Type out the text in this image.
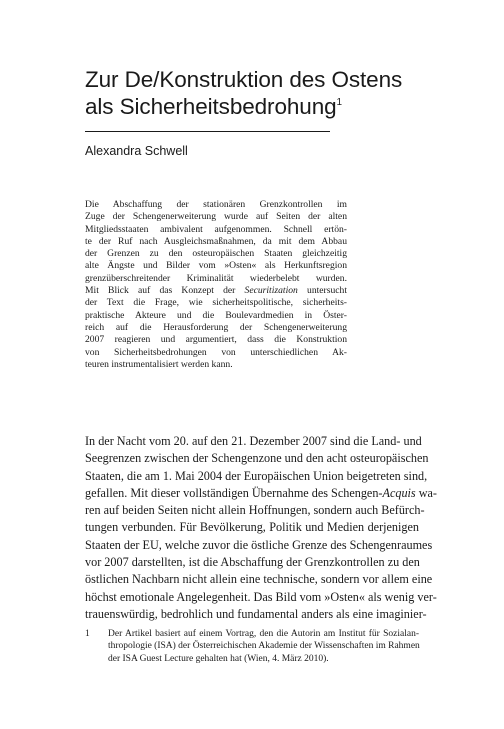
Zur De/Konstruktion des Ostens
als Sicherheitsbedrohung$^1$
Alexandra Schwell
Die Abschaffung der stationären Grenzkontrollen im
Zuge der Schengenerweiterung wurde auf Seiten der alten
Mitgliedsstaaten ambivalent aufgenommen. Schnell ertön-
te der Ruf nach Ausgleichsmaßnahmen, da mit dem Abbau
der Grenzen zu den osteuropäischen Staaten gleichzeitig
alte Ängste und Bilder vom »Osten« als Herkunftsregion
grenzüberschreitender Kriminalität wiederbelebt wurden.
Mit Blick auf das Konzept der Securitization untersucht
der Text die Frage, wie sicherheitspolitische, sicherheits-
praktische Akteure und die Boulevardmedien in Öster-
reich auf die Herausforderung der Schengenerweiterung
2007 reagieren und argumentiert, dass die Konstruktion
von Sicherheitsbedrohungen von unterschiedlichen Ak-
teuren instrumentalisiert werden kann.
In der Nacht vom 20. auf den 21. Dezember 2007 sind die Land- und
Seegrenzen zwischen der Schengenzone und den acht osteuropäischen
Staaten, die am 1. Mai 2004 der Europäischen Union beigetreten sind,
gefallen. Mit dieser vollständigen Übernahme des Schengen-Acquis wa-
ren auf beiden Seiten nicht allein Hoffnungen, sondern auch Befürch-
tungen verbunden. Für Bevölkerung, Politik und Medien derjenigen
Staaten der EU, welche zuvor die östliche Grenze des Schengenraumes
vor 2007 darstellten, ist die Abschaffung der Grenzkontrollen zu den
östlichen Nachbarn nicht allein eine technische, sondern vor allem eine
höchst emotionale Angelegenheit. Das Bild vom »Osten« als wenig ver-
trauenswürdig, bedrohlich und fundamental anders als eine imaginier-
1 Der Artikel basiert auf einem Vortrag, den die Autorin am Institut für Sozialan-
thropologie (ISA) der Österreichischen Akademie der Wissenschaften im Rahmen
der ISA Guest Lecture gehalten hat (Wien, 4. März 2010).
